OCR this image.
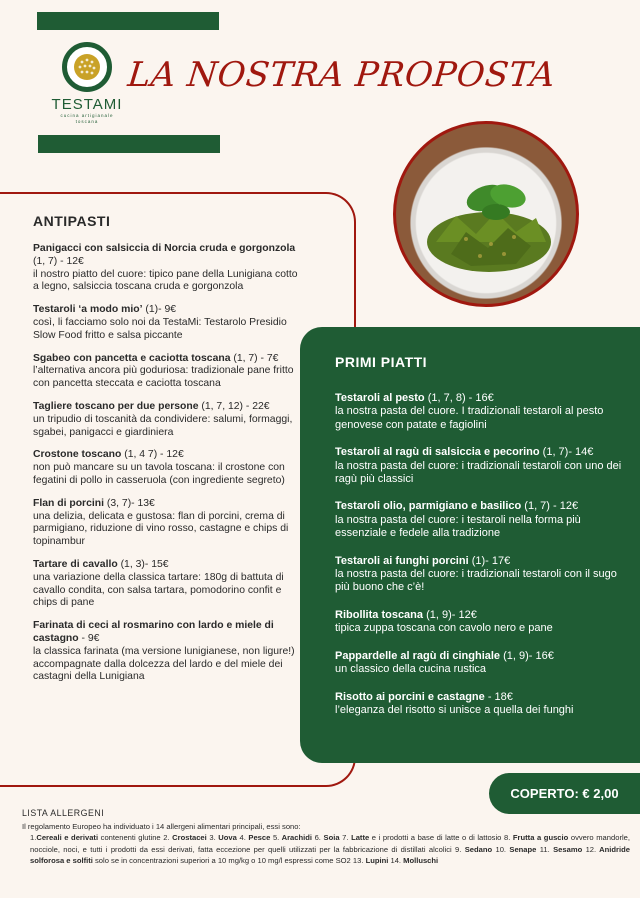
TESTAMI
cucina artigianale toscana
LA NOSTRA PROPOSTA
ANTIPASTI
Panigacci con salsiccia di Norcia cruda e gorgonzola (1, 7) - 12€
il nostro piatto del cuore: tipico pane della Lunigiana cotto a legno, salsiccia toscana cruda e gorgonzola
Testaroli ‘a modo mio’ (1)- 9€
così, li facciamo solo noi da TestaMi: Testarolo Presidio Slow Food fritto e salsa piccante
Sgabeo con pancetta e caciotta toscana (1, 7) - 7€
l’alternativa ancora più goduriosa: tradizionale pane fritto con pancetta steccata e caciotta toscana
Tagliere toscano per due persone (1, 7, 12) - 22€
un tripudio di toscanità da condividere: salumi, formaggi, sgabei, panigacci e giardiniera
Crostone toscano (1, 4 7) - 12€
non può mancare su un tavola toscana: il crostone con fegatini di pollo in casseruola (con ingrediente segreto)
Flan di porcini (3, 7)- 13€
una delizia, delicata e gustosa: flan di porcini, crema di parmigiano, riduzione di vino rosso, castagne e chips di topinambur
Tartare di cavallo (1, 3)- 15€
una variazione della classica tartare: 180g di battuta di cavallo condita, con salsa tartara, pomodorino confit e chips di pane
Farinata di ceci al rosmarino con lardo e miele di castagno - 9€
la classica farinata (ma versione lunigianese, non ligure!) accompagnate dalla dolcezza del lardo e del miele dei castagni della Lunigiana
PRIMI PIATTI
Testaroli al pesto (1, 7, 8) - 16€
la nostra pasta del cuore. I tradizionali testaroli al pesto genovese con patate e fagiolini
Testaroli al ragù di salsiccia e pecorino (1, 7)- 14€
la nostra pasta del cuore: i tradizionali testaroli con uno dei ragù più classici
Testaroli olio, parmigiano e basilico (1, 7) - 12€
la nostra pasta del cuore: i testaroli nella forma più essenziale e fedele alla tradizione
Testaroli ai funghi porcini (1)- 17€
la nostra pasta del cuore: i tradizionali testaroli con il sugo più buono che c’è!
Ribollita toscana (1, 9)- 12€
tipica zuppa toscana con cavolo nero e pane
Pappardelle al ragù di cinghiale (1, 9)- 16€
un classico della cucina rustica
Risotto ai porcini e castagne - 18€
l’eleganza del risotto si unisce a quella dei funghi
COPERTO: € 2,00
LISTA ALLERGENI
Il regolamento Europeo ha individuato i 14 allergeni alimentari principali, essi sono:
1.Cereali e derivati contenenti glutine 2. Crostacei 3. Uova 4. Pesce 5. Arachidi 6. Soia 7. Latte e i prodotti a base di latte o di lattosio 8. Frutta a guscio ovvero mandorle, nocciole, noci, e tutti i prodotti da essi derivati, fatta eccezione per quelli utilizzati per la fabbricazione di distillati alcolici 9. Sedano 10. Senape 11. Sesamo 12. Anidride solforosa e solfiti solo se in concentrazioni superiori a 10 mg/kg o 10 mg/l espressi come SO2 13. Lupini 14. Molluschi
